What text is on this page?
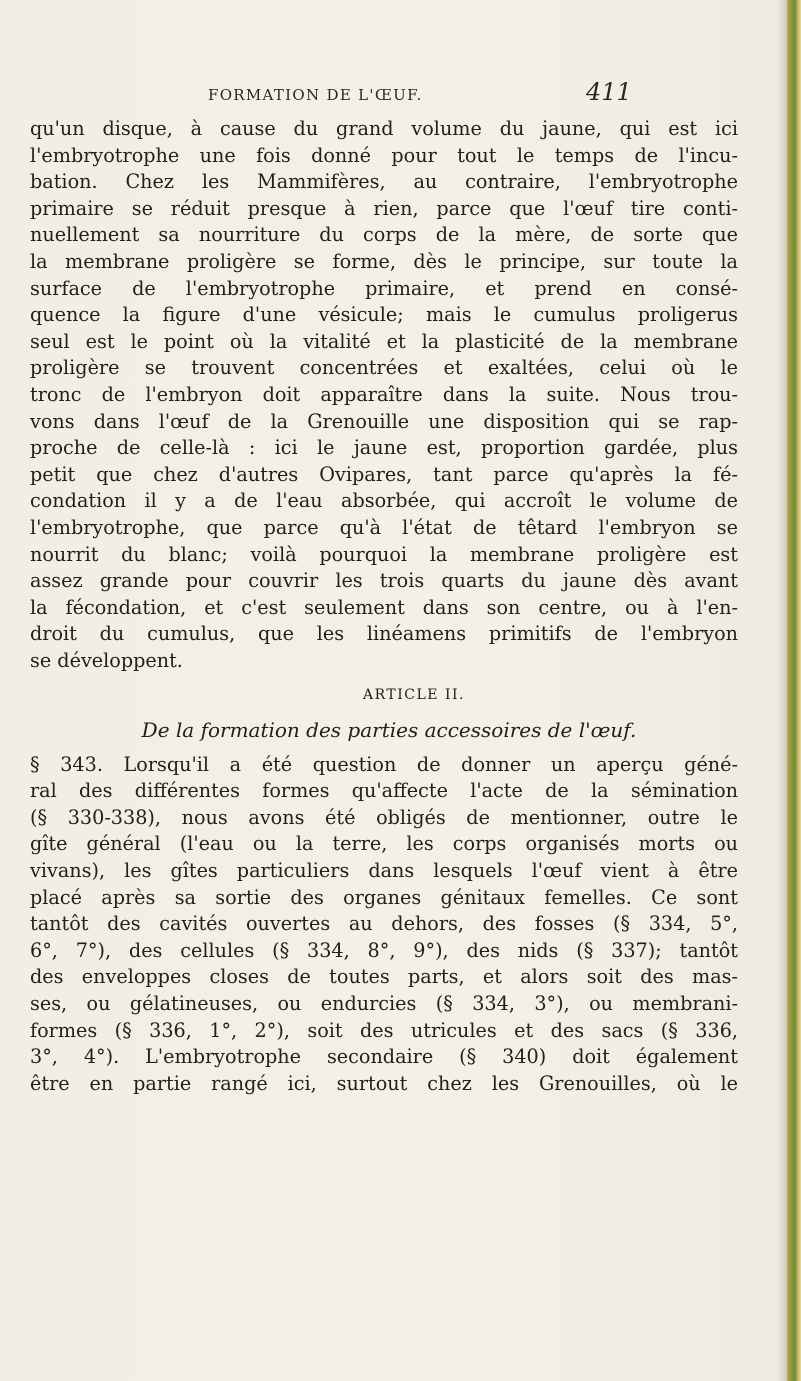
FORMATION DE L'ŒUF.	411
qu'un disque, à cause du grand volume du jaune, qui est ici
l'embryotrophe une fois donné pour tout le temps de l'incu-
bation. Chez les Mammifères, au contraire, l'embryotrophe
primaire se réduit presque à rien, parce que l'œuf tire conti-
nuellement sa nourriture du corps de la mère, de sorte que
la membrane proligère se forme, dès le principe, sur toute la
surface de l'embryotrophe primaire, et prend en consé-
quence la figure d'une vésicule; mais le cumulus proligerus
seul est le point où la vitalité et la plasticité de la membrane
proligère se trouvent concentrées et exaltées, celui où le
tronc de l'embryon doit apparaître dans la suite. Nous trou-
vons dans l'œuf de la Grenouille une disposition qui se rap-
proche de celle-là : ici le jaune est, proportion gardée, plus
petit que chez d'autres Ovipares, tant parce qu'après la fé-
condation il y a de l'eau absorbée, qui accroît le volume de
l'embryotrophe, que parce qu'à l'état de têtard l'embryon se
nourrit du blanc; voilà pourquoi la membrane proligère est
assez grande pour couvrir les trois quarts du jaune dès avant
la fécondation, et c'est seulement dans son centre, ou à l'en-
droit du cumulus, que les linéamens primitifs de l'embryon
se développent.
ARTICLE II.
De la formation des parties accessoires de l'œuf.
§ 343. Lorsqu'il a été question de donner un aperçu géné-
ral des différentes formes qu'affecte l'acte de la sémination
(§ 330-338), nous avons été obligés de mentionner, outre le
gîte général (l'eau ou la terre, les corps organisés morts ou
vivans), les gîtes particuliers dans lesquels l'œuf vient à être
placé après sa sortie des organes génitaux femelles. Ce sont
tantôt des cavités ouvertes au dehors, des fosses (§ 334, 5°,
6°, 7°), des cellules (§ 334, 8°, 9°), des nids (§ 337); tantôt
des enveloppes closes de toutes parts, et alors soit des mas-
ses, ou gélatineuses, ou endurcies (§ 334, 3°), ou membrani-
formes (§ 336, 1°, 2°), soit des utricules et des sacs (§ 336,
3°, 4°). L'embryotrophe secondaire (§ 340) doit également
être en partie rangé ici, surtout chez les Grenouilles, où le
